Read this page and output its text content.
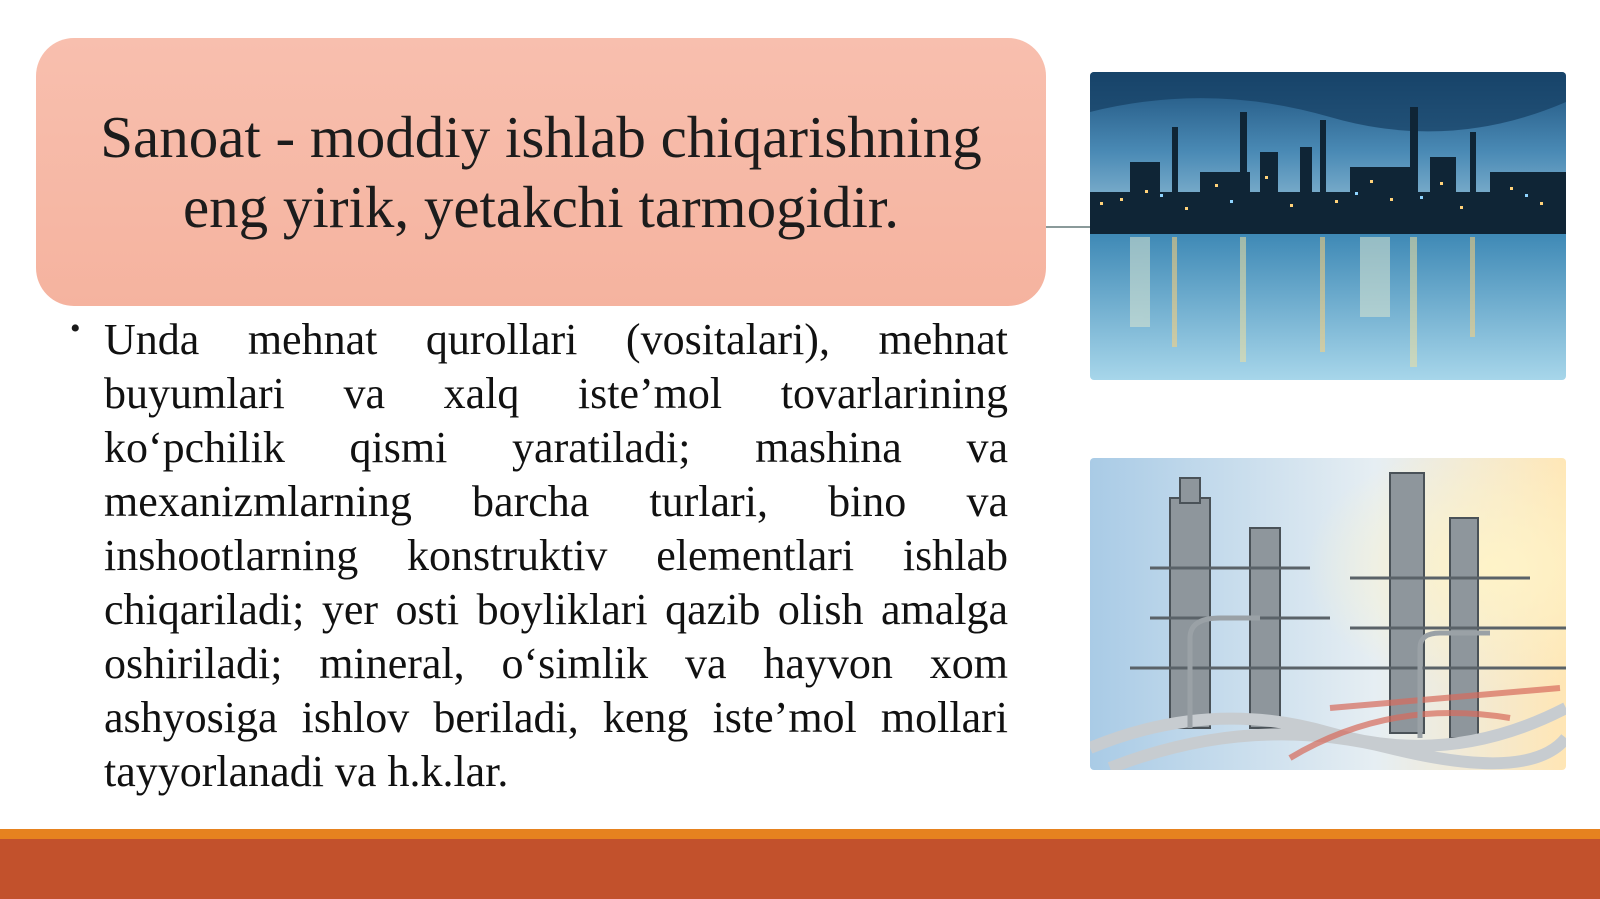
Sanoat - moddiy ishlab chiqarishning eng yirik, yetakchi tarmogidir.
• Unda mehnat qurollari (vositalari), mehnat buyumlari va xalq iste’mol tovarlarining ko‘pchilik qismi yaratiladi; mashina va mexanizmlarning barcha turlari, bino va inshootlarning konstruktiv elementlari ishlab chiqariladi; yer osti boyliklari qazib olish amalga oshiriladi; mineral, o‘simlik va hayvon xom ashyosiga ishlov beriladi, keng iste’mol mollari tayyorlanadi va h.k.lar.
